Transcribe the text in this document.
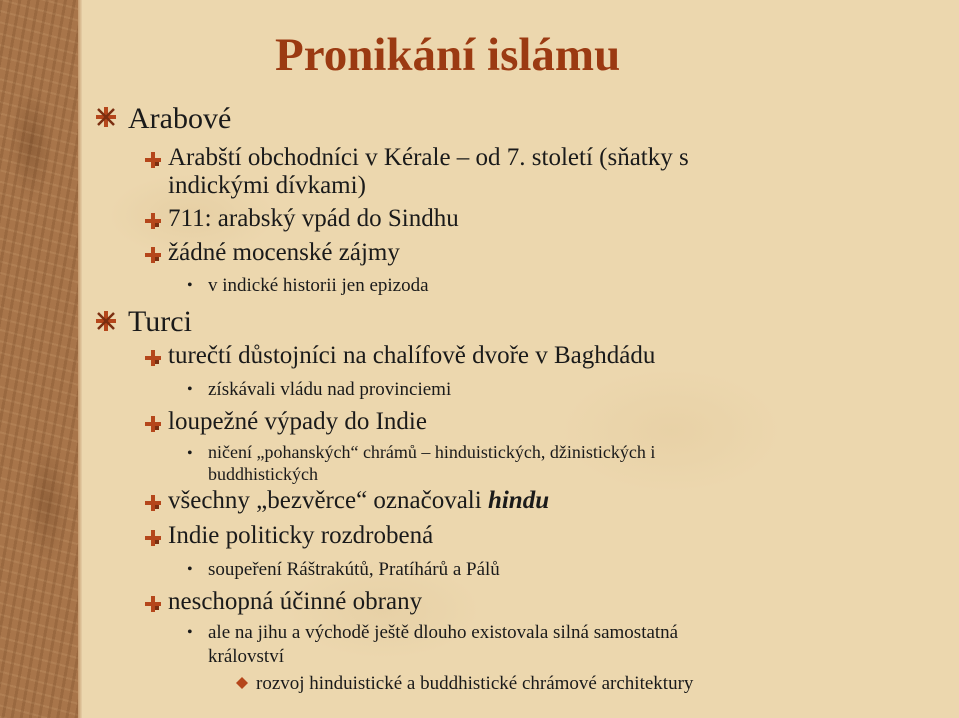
Pronikání islámu
Arabové
Arabští obchodníci v Kérale – od 7. století (sňatky s
indickými dívkami)
711: arabský vpád do Sindhu
žádné mocenské zájmy
• v indické historii jen epizoda
Turci
turečtí důstojníci na chalífově dvoře v Baghdádu
• získávali vládu nad provinciemi
loupežné výpady do Indie
• ničení „pohanských“ chrámů – hinduistických, džinistických i
buddhistických
všechny „bezvěrce“ označovali hindu
Indie politicky rozdrobená
• soupeření Ráštrakútů, Pratíhárů a Pálů
neschopná účinné obrany
• ale na jihu a východě ještě dlouho existovala silná samostatná
království
rozvoj hinduistické a buddhistické chrámové architektury
